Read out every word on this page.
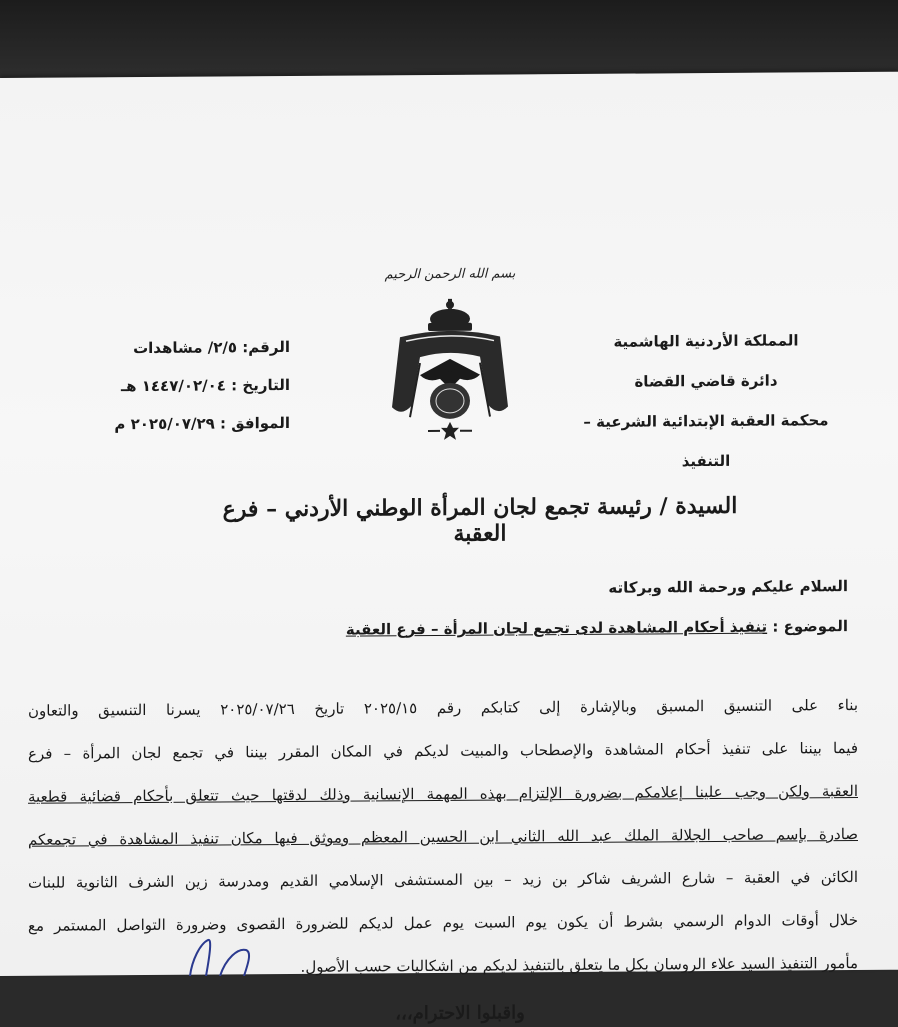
بسم الله الرحمن الرحيم
المملكة الأردنية الهاشمية
دائرة قاضي القضاة
محكمة العقبة الإبتدائية الشرعية – التنفيذ
الرقم: ٢/٥/ مشاهدات
التاريخ : ١٤٤٧/٠٢/٠٤ هـ
الموافق : ٢٠٢٥/٠٧/٢٩ م
السيدة / رئيسة تجمع لجان المرأة الوطني الأردني – فرع العقبة
السلام عليكم ورحمة الله وبركاته
الموضوع : تنفيذ أحكام المشاهدة لدى تجمع لجان المرأة – فرع العقبة
بناء على التنسيق المسبق وبالإشارة إلى كتابكم رقم ٢٠٢٥/١٥ تاريخ ٢٠٢٥/٠٧/٢٦ يسرنا التنسيق والتعاون
فيما بيننا على تنفيذ أحكام المشاهدة والإصطحاب والمبيت لديكم في المكان المقرر بيننا في تجمع لجان المرأة – فرع
العقبة ولكن وجب علينا إعلامكم بضرورة الإلتزام بهذه المهمة الإنسانية وذلك لدقتها حيث تتعلق بأحكام قضائية قطعية
صادرة بإسم صاحب الجلالة الملك عبد الله الثاني ابن الحسين المعظم وموثق فيها مكان تنفيذ المشاهدة في تجمعكم
الكائن في العقبة – شارع الشريف شاكر بن زيد – بين المستشفى الإسلامي القديم ومدرسة زين الشرف الثانوية للبنات
خلال أوقات الدوام الرسمي بشرط أن يكون يوم السبت يوم عمل لديكم للضرورة القصوى وضرورة التواصل المستمر مع
مأمور التنفيذ السيد علاء الروسان بكل ما يتعلق بالتنفيذ لديكم من اشكاليات حسب الأصول.
واقبلوا الاحترام،،،
